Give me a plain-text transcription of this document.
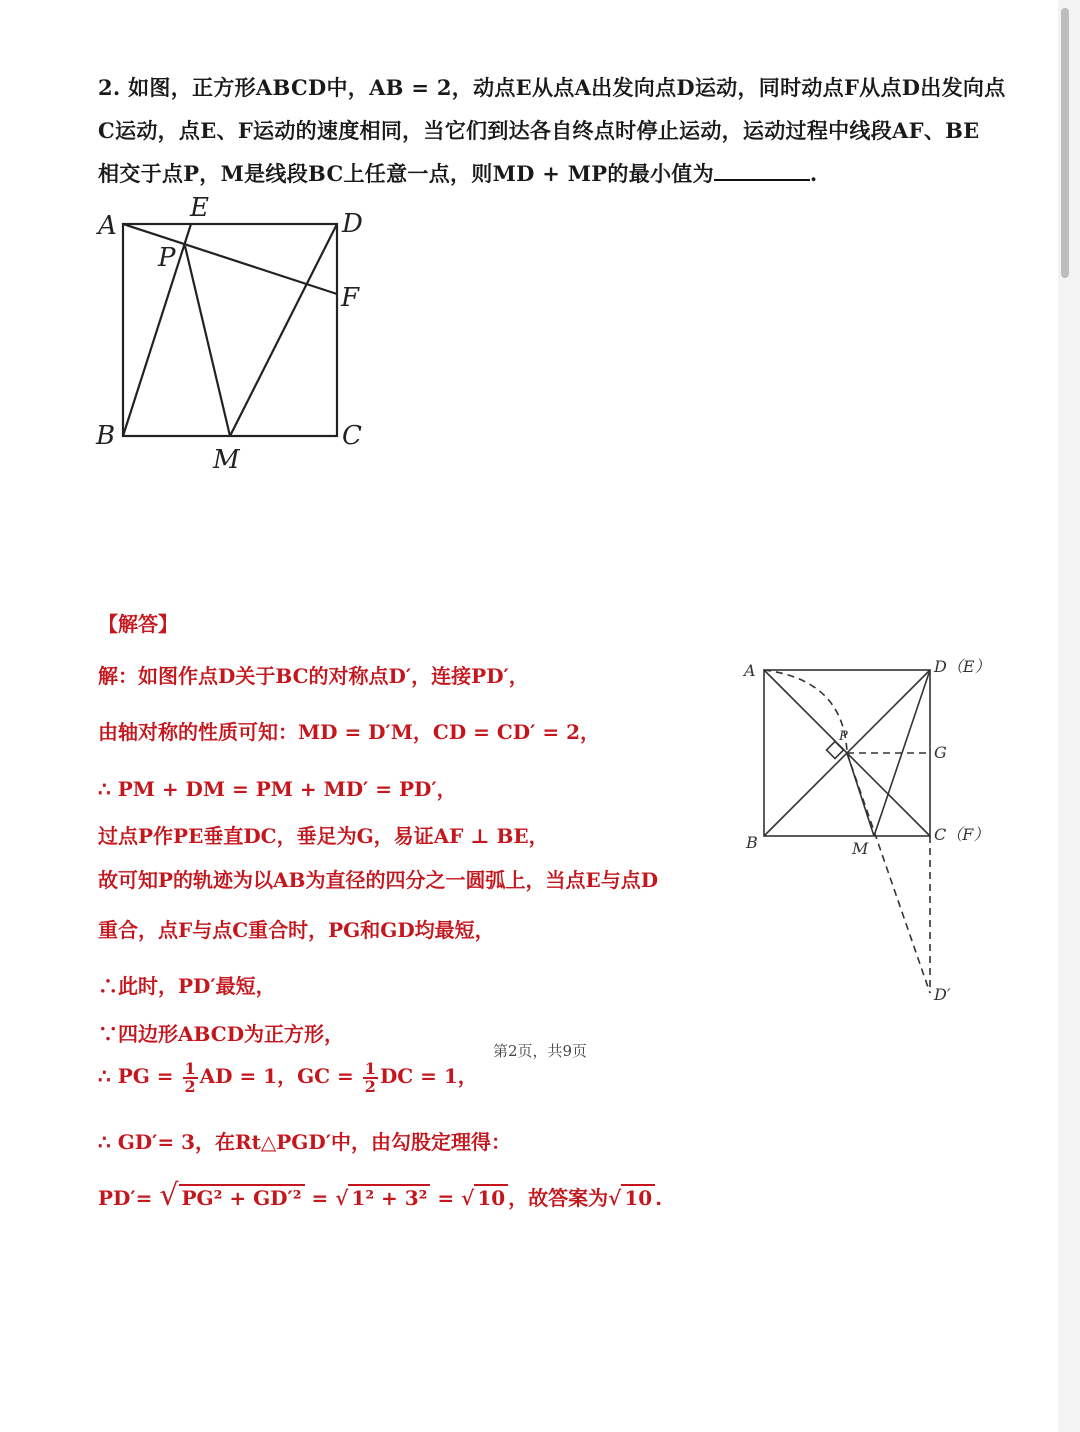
2. 如图，正方形ABCD中，AB = 2，动点E从点A出发向点D运动，同时动点F从点D出发向点
C运动，点E、F运动的速度相同，当它们到达各自终点时停止运动，运动过程中线段AF、BE
相交于点P，M是线段BC上任意一点，则MD + MP的最小值为	.
A
E
D
P
F
B
M
C
【解答】
解：如图作点D关于BC的对称点D′，连接PD′，
由轴对称的性质可知：MD = D′M，CD = CD′ = 2，
∴ PM + DM = PM + MD′ = PD′，
过点P作PE垂直DC，垂足为G，易证AF ⊥ BE，
故可知P的轨迹为以AB为直径的四分之一圆弧上，当点E与点D
重合，点F与点C重合时，PG和GD均最短，
∴此时，PD′最短，
∵四边形ABCD为正方形，
∴ PG = $\frac{1}{2}$ AD = 1，GC = $\frac{1}{2}$ DC = 1，
∴ GD′= 3，在Rt△PGD′中，由勾股定理得：
PD′= √ PG² + GD′² = √ 1² + 3² = √ 10 ，故答案为√ 10 .
A	D（E）
P
G
B	M
C（F）
D′
第2页，共9页
